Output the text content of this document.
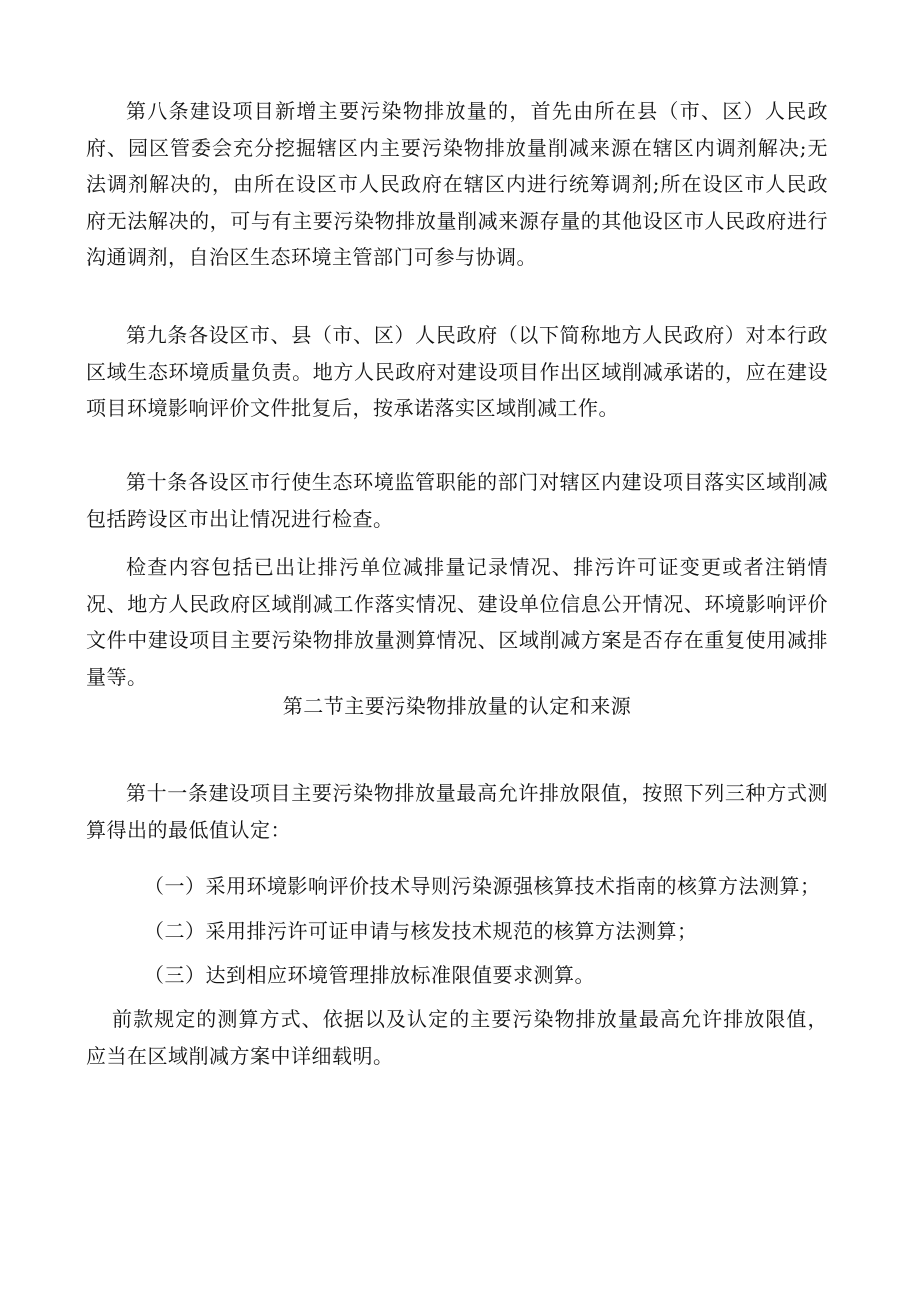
第八条建设项目新增主要污染物排放量的，首先由所在县（市、区）人民政府、园区管委会充分挖掘辖区内主要污染物排放量削减来源在辖区内调剂解决;无法调剂解决的，由所在设区市人民政府在辖区内进行统筹调剂;所在设区市人民政府无法解决的，可与有主要污染物排放量削减来源存量的其他设区市人民政府进行沟通调剂，自治区生态环境主管部门可参与协调。

第九条各设区市、县（市、区）人民政府（以下简称地方人民政府）对本行政区域生态环境质量负责。地方人民政府对建设项目作出区域削减承诺的，应在建设项目环境影响评价文件批复后，按承诺落实区域削减工作。

第十条各设区市行使生态环境监管职能的部门对辖区内建设项目落实区域削减包括跨设区市出让情况进行检查。

检查内容包括已出让排污单位减排量记录情况、排污许可证变更或者注销情况、地方人民政府区域削减工作落实情况、建设单位信息公开情况、环境影响评价文件中建设项目主要污染物排放量测算情况、区域削减方案是否存在重复使用减排量等。

第二节主要污染物排放量的认定和来源

第十一条建设项目主要污染物排放量最高允许排放限值，按照下列三种方式测算得出的最低值认定：

（一）采用环境影响评价技术导则污染源强核算技术指南的核算方法测算；

（二）采用排污许可证申请与核发技术规范的核算方法测算；

（三）达到相应环境管理排放标准限值要求测算。

前款规定的测算方式、依据以及认定的主要污染物排放量最高允许排放限值，应当在区域削减方案中详细载明。
